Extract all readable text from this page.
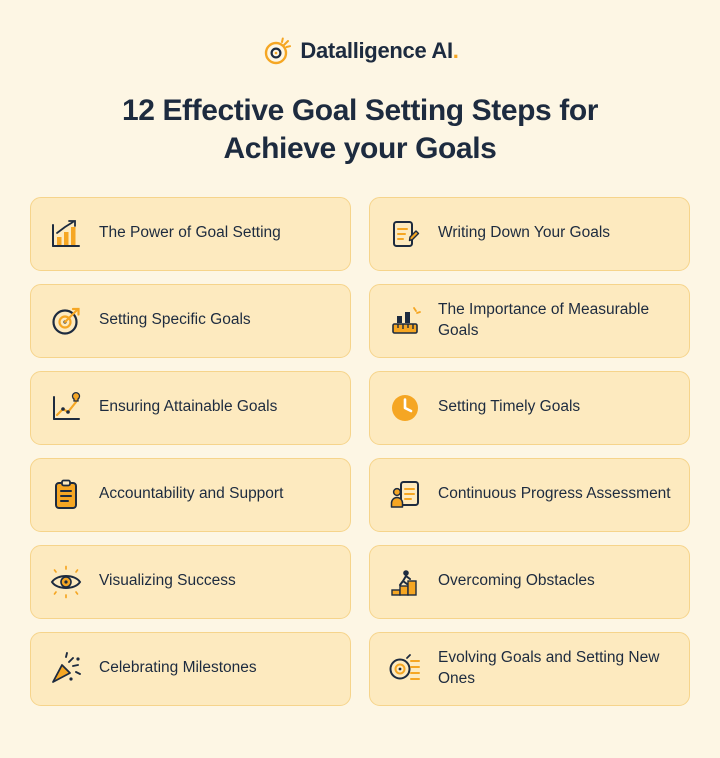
Datalligence AI.
12 Effective Goal Setting Steps for Achieve your Goals
The Power of Goal Setting	Writing Down Your Goals
Setting Specific Goals
The Importance of Measurable Goals
Ensuring Attainable Goals	Setting Timely Goals
Accountability and Support	Continuous Progress Assessment
Visualizing Success	Overcoming Obstacles
Celebrating Milestones
Evolving Goals and Setting New Ones
